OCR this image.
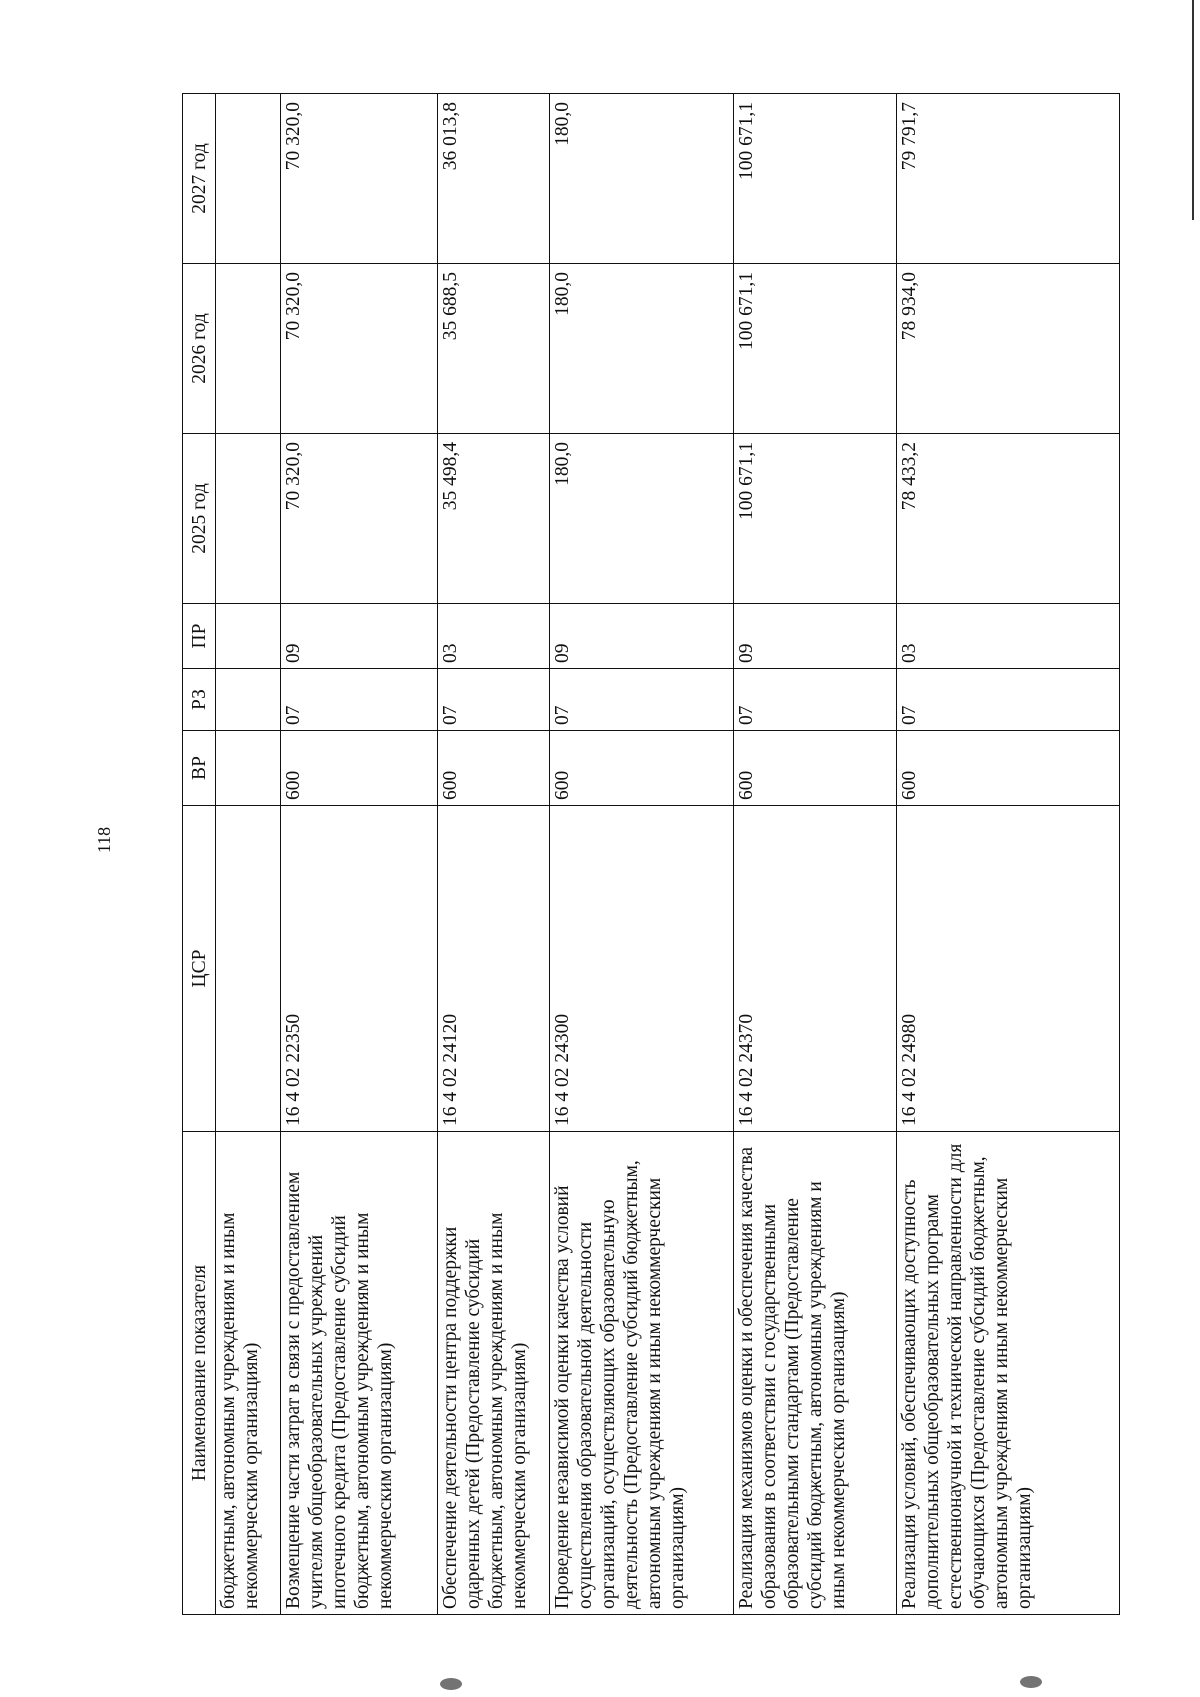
118
Наименование показателя	ЦСР	ВР	РЗ	ПР	2025 год	2026 год	2027 год
бюджетным, автономным учреждениям и иным некоммерческим организациям)							
Возмещение части затрат в связи с предоставлением учителям общеобразовательных учреждений ипотечного кредита (Предоставление субсидий бюджетным, автономным учреждениям и иным некоммерческим организациям)	16 4 02 22350	600	07	09	70 320,0	70 320,0	70 320,0
Обеспечение деятельности центра поддержки одаренных детей (Предоставление субсидий бюджетным, автономным учреждениям и иным некоммерческим организациям)	16 4 02 24120	600	07	03	35 498,4	35 688,5	36 013,8
Проведение независимой оценки качества условий осуществления образовательной деятельности организаций, осуществляющих образовательную деятельность (Предоставление субсидий бюджетным, автономным учреждениям и иным некоммерческим организациям)	16 4 02 24300	600	07	09	180,0	180,0	180,0
Реализация механизмов оценки и обеспечения качества образования в соответствии с государственными образовательными стандартами (Предоставление субсидий бюджетным, автономным учреждениям и иным некоммерческим организациям)	16 4 02 24370	600	07	09	100 671,1	100 671,1	100 671,1
Реализация условий, обеспечивающих доступность дополнительных общеобразовательных программ естественнонаучной и технической направленности для обучающихся (Предоставление субсидий бюджетным, автономным учреждениям и иным некоммерческим организациям)	16 4 02 24980	600	07	03	78 433,2	78 934,0	79 791,7
